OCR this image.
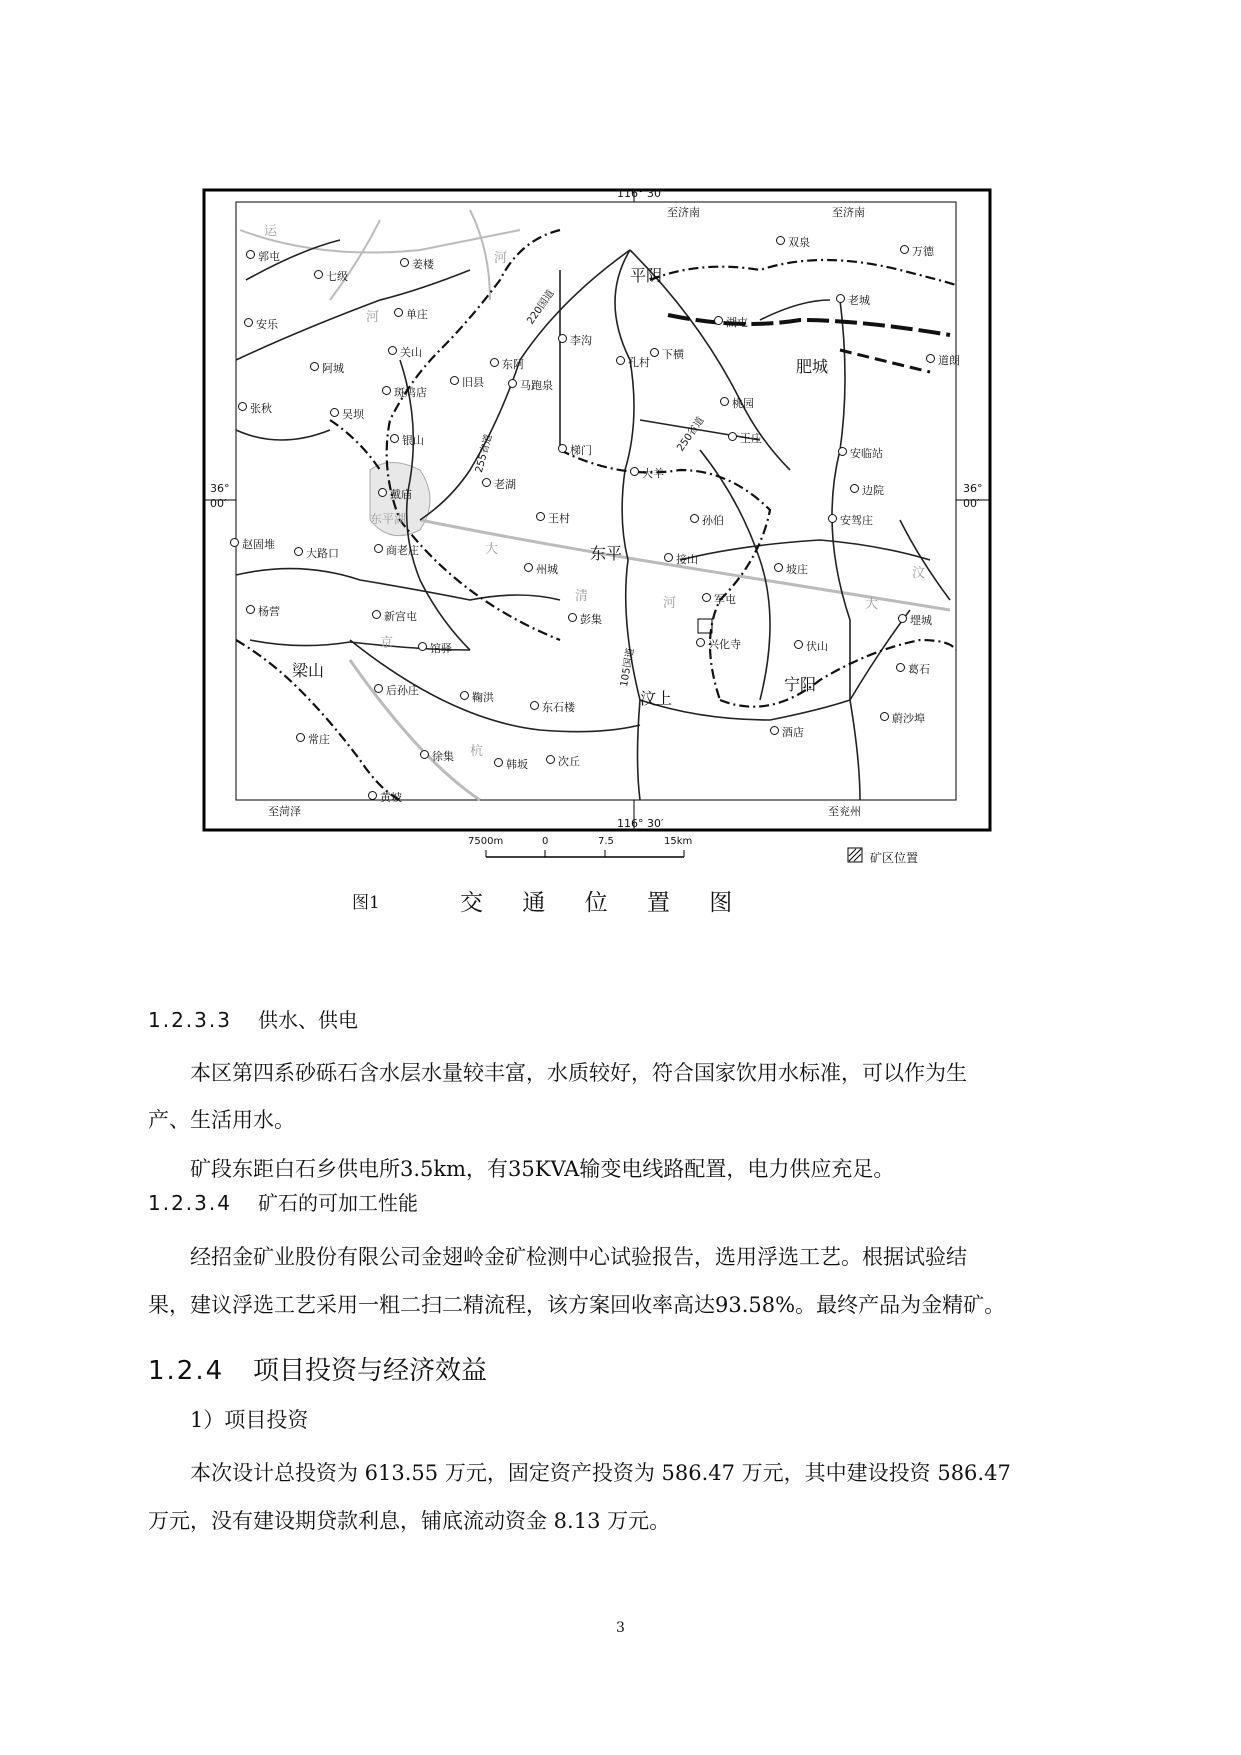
116° 30′
116° 30′
36°
00′
36°
00′
至济南	至济南
至菏泽	至兖州
平阴
肥城
东平
汶上
宁阳
梁山
220国道
250省道
255省道
105国道
运
河
河
东平湖
大
清	河	大
汶
京
杭
郭屯
七级
姜楼
双泉
万德
单庄
安乐
阿城
关山
李沟
东阿
湖屯
老城
下横
孔村
边院
斑鸠店
旧县	马跑泉
桃园
张秋	吴坝
银山	王庄
安临站
梯门
大羊
老湖
戴庙
王村	孙伯	安驾庄
赵固堆
大路口	商老庄
接山
坡庄
州城
堽城
杨营
彭集
军屯
兴化寺	伏山
馆驿
新宫屯
葛石
后孙庄
鞠洪
东石楼
酒店
蔚沙埠
常庄
徐集
韩坂	次丘
黄坡
道朗
7500m	0	7.5	15km
矿区位置
图1	交 通 位 置 图
1.2.3.3 供水、供电
本区第四系砂砾石含水层水量较丰富，水质较好，符合国家饮用水标准，可以作为生
产、生活用水。
矿段东距白石乡供电所3.5km，有35KVA输变电线路配置，电力供应充足。
1.2.3.4 矿石的可加工性能
经招金矿业股份有限公司金翅岭金矿检测中心试验报告，选用浮选工艺。根据试验结
果，建议浮选工艺采用一粗二扫二精流程，该方案回收率高达93.58%。最终产品为金精矿。
1.2.4 项目投资与经济效益
1）项目投资
本次设计总投资为 613.55 万元，固定资产投资为 586.47 万元，其中建设投资 586.47
万元，没有建设期贷款利息，铺底流动资金 8.13 万元。
3
